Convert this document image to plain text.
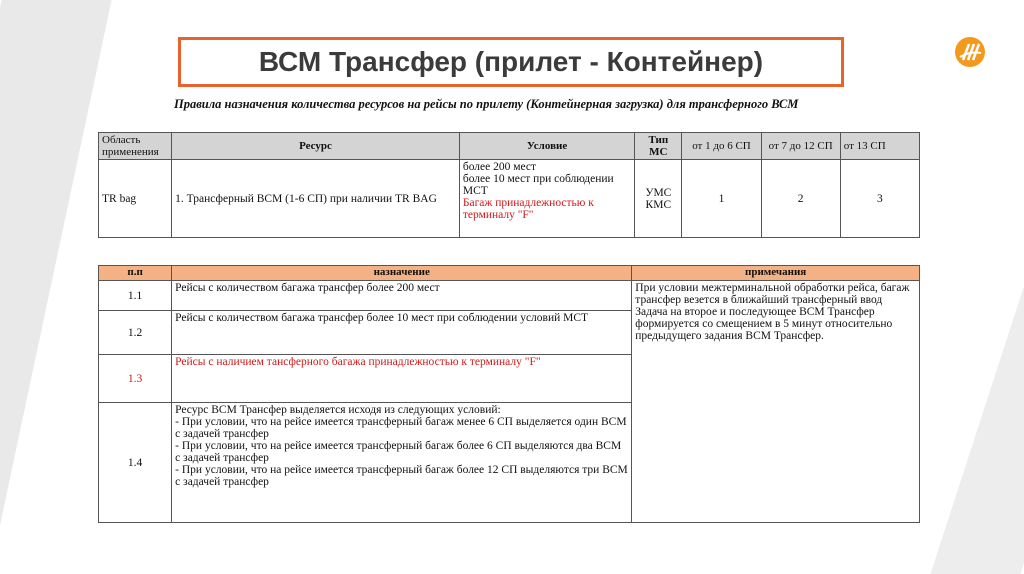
ВСМ Трансфер (прилет - Контейнер)
Правила назначения количества ресурсов на рейсы по прилету (Контейнерная загрузка) для трансферного ВСМ
Область применения	Ресурс	Условие	Тип МС	от 1 до 6 СП	от 7 до 12 СП	от 13 СП
TR bag	1. Трансферный ВСМ (1-6 СП) при наличии TR BAG	более 200 мест
более 10 мест при соблюдении МСТ
Багаж принадлежностью к терминалу "F"	УМС КМС	1	2	3
п.п	назначение	примечания
1.1	Рейсы с количеством багажа трансфер более 200 мест	При условии межтерминальной обработки рейса, багаж трансфер везется в ближайший трансферный ввод
Задача на второе и последующее ВСМ Трансфер формируется со смещением в 5 минут относительно предыдущего задания ВСМ Трансфер.

1.2	Рейсы с количеством багажа трансфер более 10 мест при соблюдении условий МСТ	
1.3	Рейсы с наличием тансферного багажа принадлежностью к терминалу "F"	
1.4	Ресурс ВСМ Трансфер выделяется исходя из следующих условий:
- При условии, что на рейсе имеется трансферный багаж менее 6 СП выделяется один ВСМ с задачей трансфер
- При условии, что на рейсе имеется трансферный багаж более 6 СП выделяются два ВСМ с задачей трансфер
- При условии, что на рейсе имеется трансферный багаж более 12 СП выделяются три ВСМ с задачей трансфер	
